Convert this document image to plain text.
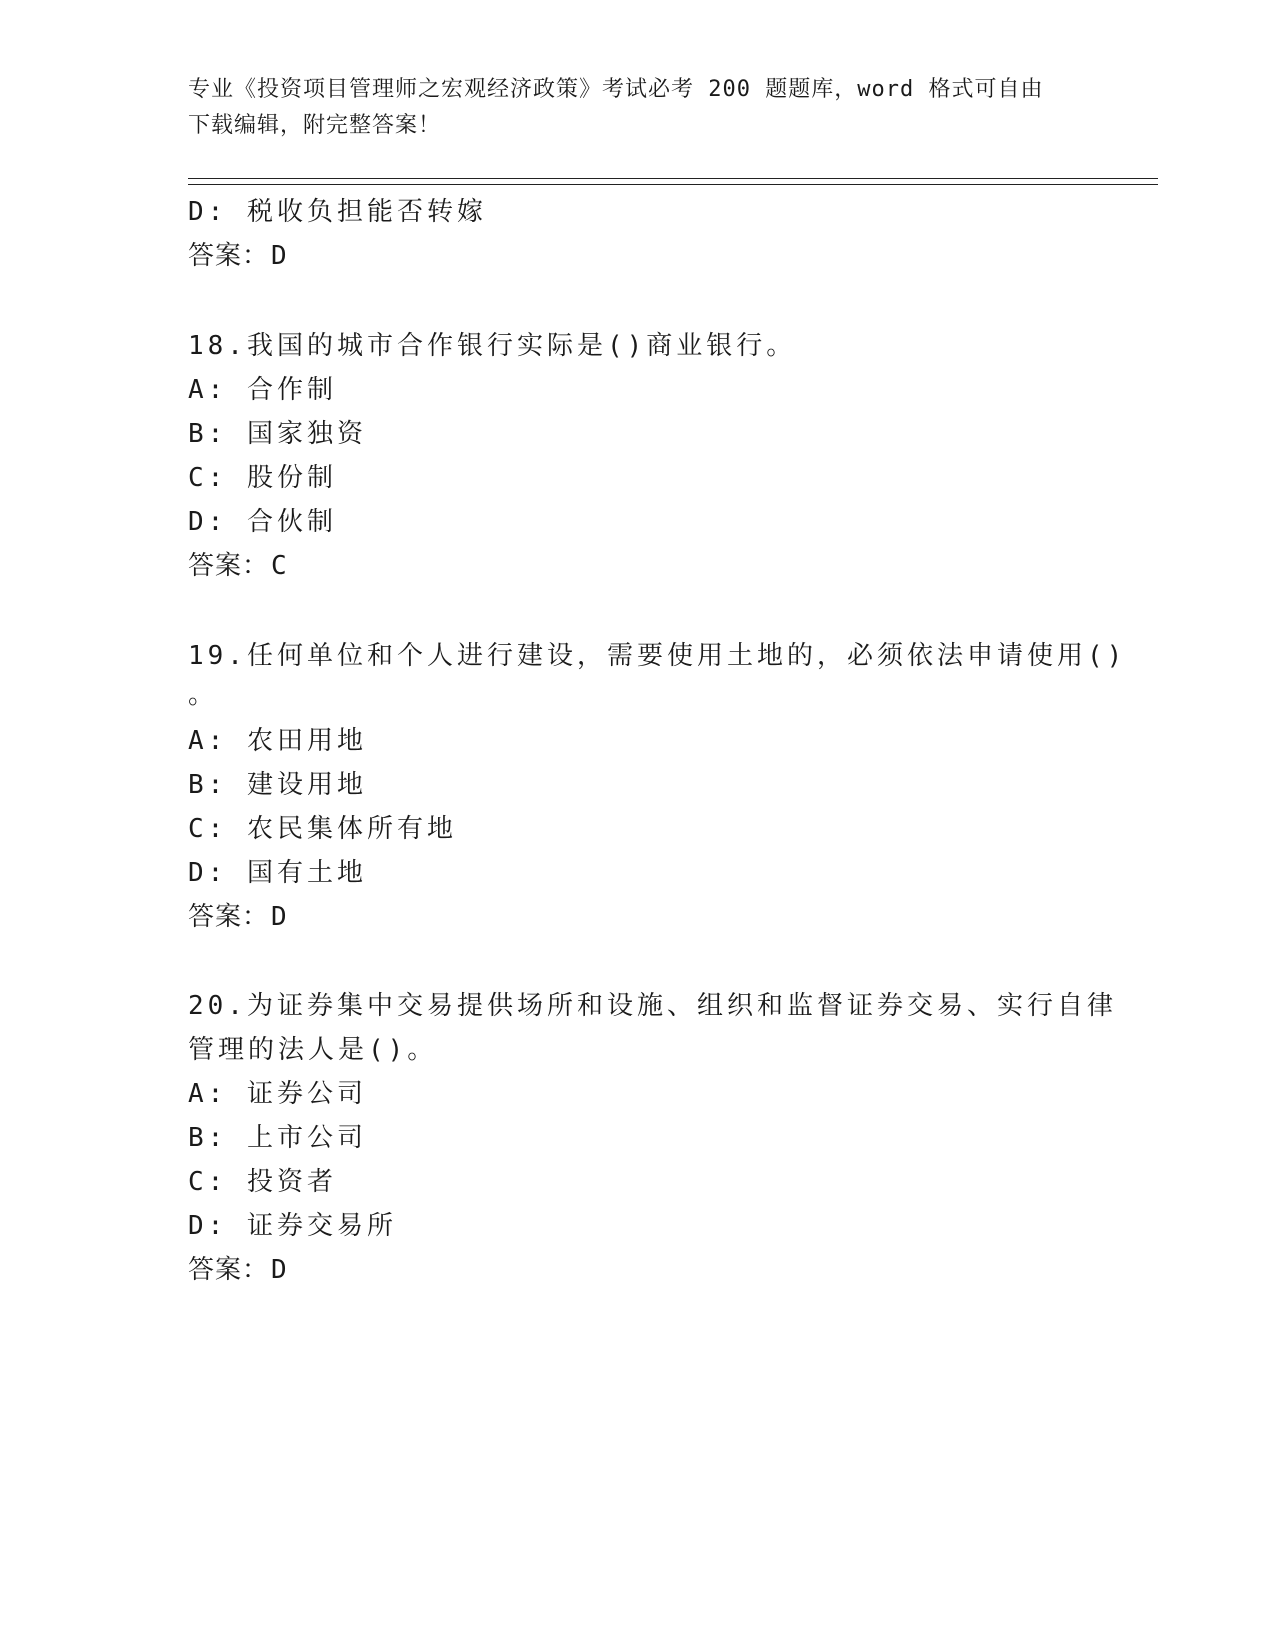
专业《投资项目管理师之宏观经济政策》考试必考 200 题题库，word 格式可自由
下载编辑，附完整答案！
D: 税收负担能否转嫁
答案：D
18.我国的城市合作银行实际是()商业银行。
A: 合作制
B: 国家独资
C: 股份制
D: 合伙制
答案：C
19.任何单位和个人进行建设，需要使用土地的，必须依法申请使用()
。
A: 农田用地
B: 建设用地
C: 农民集体所有地
D: 国有土地
答案：D
20.为证券集中交易提供场所和设施、组织和监督证券交易、实行自律
管理的法人是()。
A: 证券公司
B: 上市公司
C: 投资者
D: 证券交易所
答案：D
